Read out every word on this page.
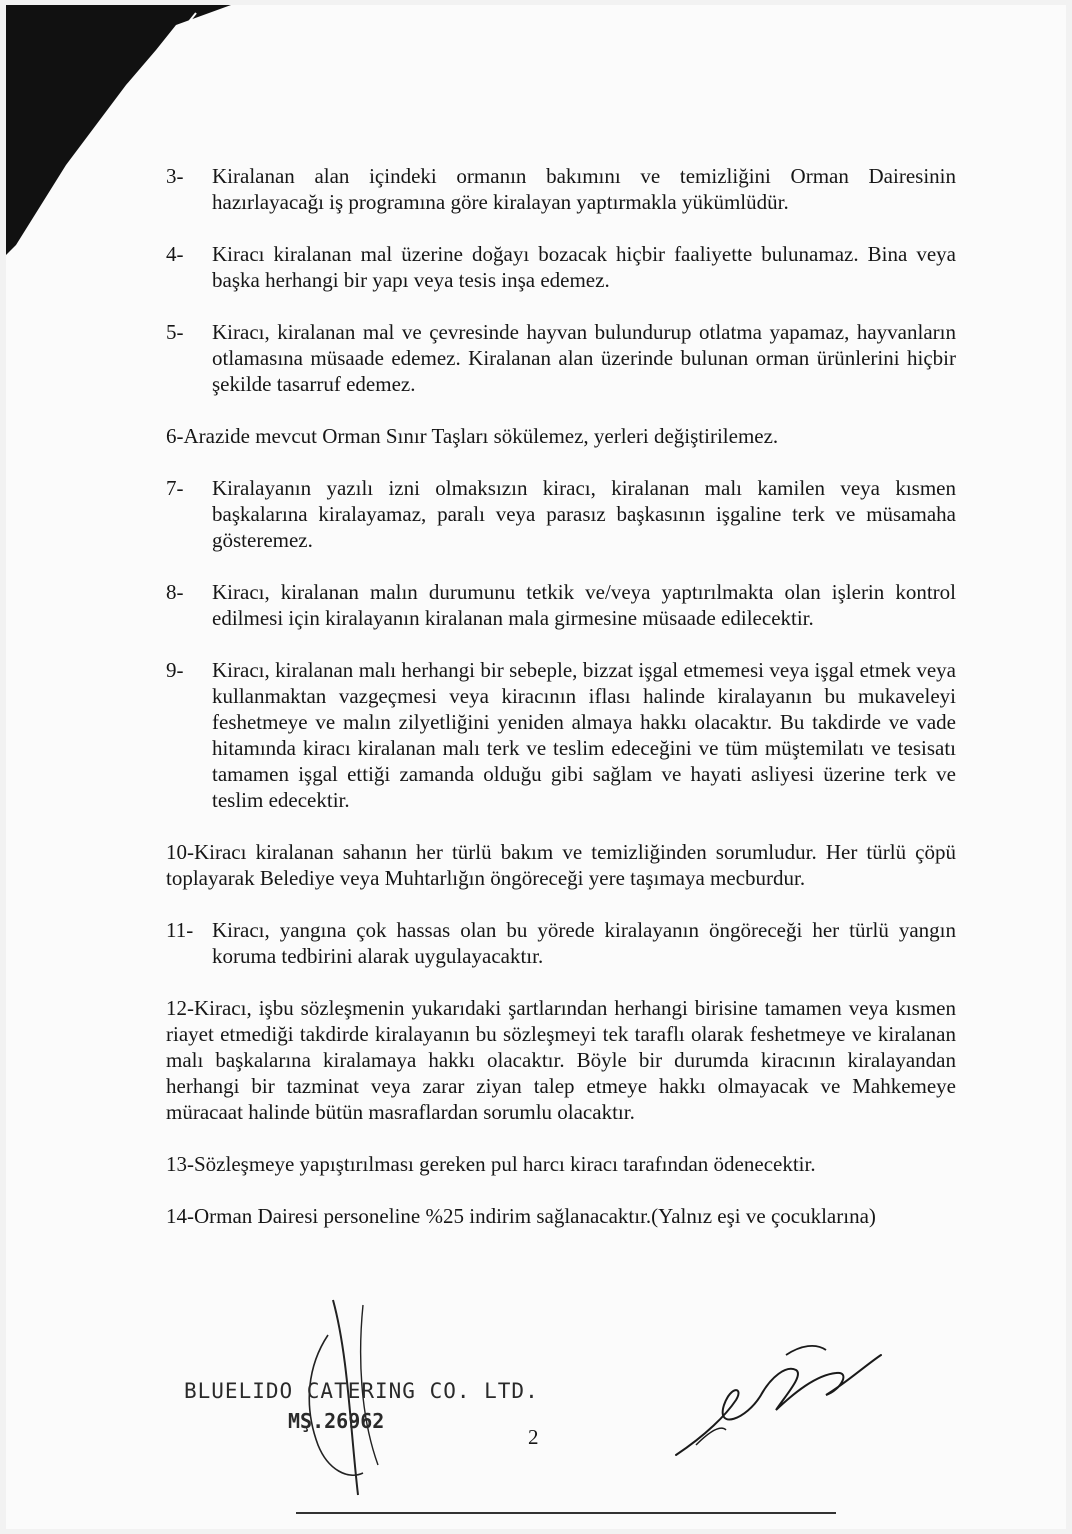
3-	Kiralanan alan içindeki ormanın bakımını ve temizliğini Orman Dairesinin hazırlayacağı iş programına göre kiralayan yaptırmakla yükümlüdür.
4-	Kiracı kiralanan mal üzerine doğayı bozacak hiçbir faaliyette bulunamaz. Bina veya başka herhangi bir yapı veya tesis inşa edemez.
5-	Kiracı, kiralanan mal ve çevresinde hayvan bulundurup otlatma yapamaz, hayvanların otlamasına müsaade edemez. Kiralanan alan üzerinde bulunan orman ürünlerini hiçbir şekilde tasarruf edemez.
6-Arazide mevcut Orman Sınır Taşları sökülemez, yerleri değiştirilemez.
7-	Kiralayanın yazılı izni olmaksızın kiracı, kiralanan malı kamilen veya kısmen başkalarına kiralayamaz, paralı veya parasız başkasının işgaline terk ve müsamaha gösteremez.
8-	Kiracı, kiralanan malın durumunu tetkik ve/veya yaptırılmakta olan işlerin kontrol edilmesi için kiralayanın kiralanan mala girmesine müsaade edilecektir.
9-	Kiracı, kiralanan malı herhangi bir sebeple, bizzat işgal etmemesi veya işgal etmek veya kullanmaktan vazgeçmesi veya kiracının iflası halinde kiralayanın bu mukaveleyi feshetmeye ve malın zilyetliğini yeniden almaya hakkı olacaktır. Bu takdirde ve vade hitamında kiracı kiralanan malı terk ve teslim edeceğini ve tüm müştemilatı ve tesisatı tamamen işgal ettiği zamanda olduğu gibi sağlam ve hayati asliyesi üzerine terk ve teslim edecektir.
10-Kiracı kiralanan sahanın her türlü bakım ve temizliğinden sorumludur. Her türlü çöpü toplayarak Belediye veya Muhtarlığın öngöreceği yere taşımaya mecburdur.
11- Kiracı, yangına çok hassas olan bu yörede kiralayanın öngöreceği her türlü yangın koruma tedbirini alarak uygulayacaktır.
12-Kiracı, işbu sözleşmenin yukarıdaki şartlarından herhangi birisine tamamen veya kısmen riayet etmediği takdirde kiralayanın bu sözleşmeyi tek taraflı olarak feshetmeye ve kiralanan malı başkalarına kiralamaya hakkı olacaktır. Böyle bir durumda kiracının kiralayandan herhangi bir tazminat veya zarar ziyan talep etmeye hakkı olmayacak ve Mahkemeye müracaat halinde bütün masraflardan sorumlu olacaktır.
13-Sözleşmeye yapıştırılması gereken pul harcı kiracı tarafından ödenecektir.
14-Orman Dairesi personeline %25 indirim sağlanacaktır.(Yalnız eşi ve çocuklarına)
BLUELIDO CATERING CO. LTD.
MŞ.26962
2
